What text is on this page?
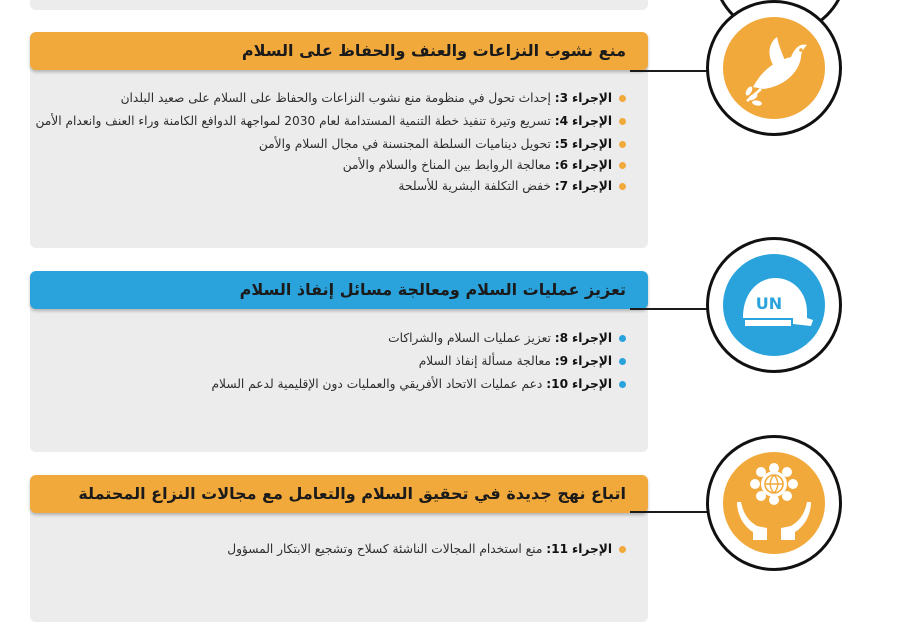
منع نشوب النزاعات والعنف والحفاظ على السلام
الإجراء 3: إحداث تحول في منظومة منع نشوب النزاعات والحفاظ على السلام على صعيد البلدان
الإجراء 4: تسريع وتيرة تنفيذ خطة التنمية المستدامة لعام 2030 لمواجهة الدوافع الكامنة وراء العنف وانعدام الأمن
الإجراء 5: تحويل ديناميات السلطة المجنسنة في مجال السلام والأمن
الإجراء 6: معالجة الروابط بين المناخ والسلام والأمن
الإجراء 7: خفض التكلفة البشرية للأسلحة
تعزيز عمليات السلام ومعالجة مسائل إنفاذ السلام
UN
الإجراء 8: تعزيز عمليات السلام والشراكات
الإجراء 9: معالجة مسألة إنفاذ السلام
الإجراء 10: دعم عمليات الاتحاد الأفريقي والعمليات دون الإقليمية لدعم السلام
اتباع نهج جديدة في تحقيق السلام والتعامل مع مجالات النزاع المحتملة
الإجراء 11: منع استخدام المجالات الناشئة كسلاح وتشجيع الابتكار المسؤول
